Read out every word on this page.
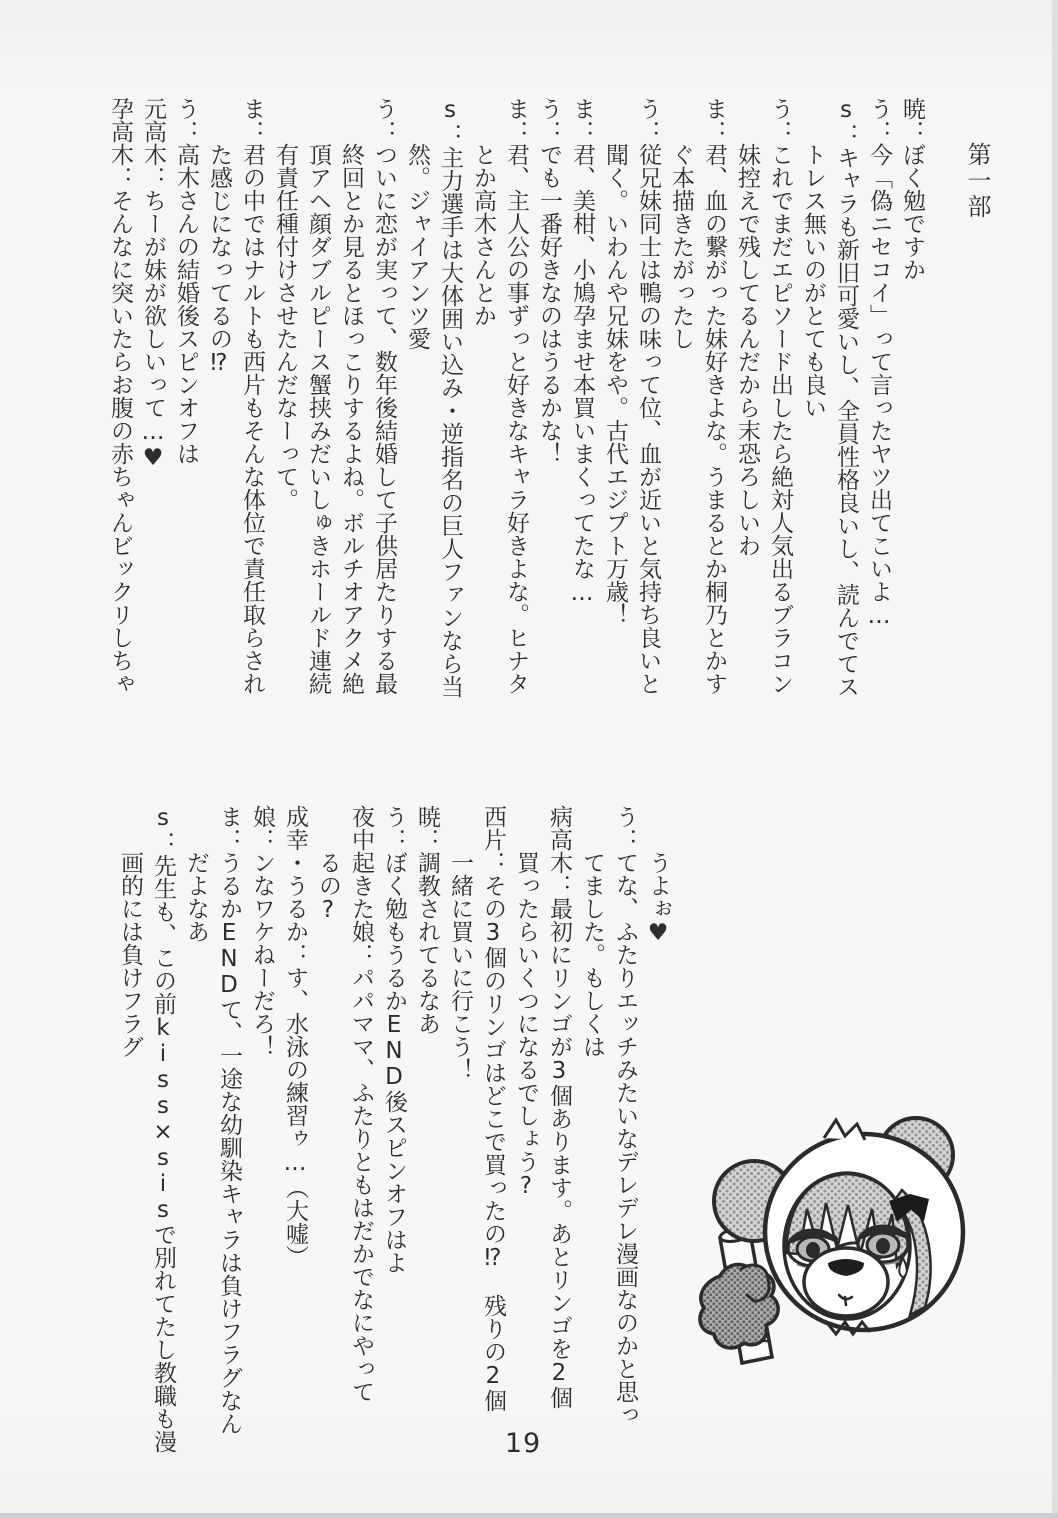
第一部
暁：ぼく勉ですか
う：今「偽ニセコイ」って言ったヤツ出てこいよ…
s：キャラも新旧可愛いし、全員性格良いし、読んでてス
トレス無いのがとても良い
う：これでまだエピソード出したら絶対人気出るブラコン
妹控えで残してるんだから末恐ろしいわ
ま：君、血の繋がった妹好きよな。うまるとか桐乃とかす
ぐ本描きたがったし
う：従兄妹同士は鴨の味って位、血が近いと気持ち良いと
聞く。いわんや兄妹をや。古代エジプト万歳！
ま：君、美柑、小鳩孕ませ本買いまくってたな…
う：でも一番好きなのはうるかな！
ま：君、主人公の事ずっと好きなキャラ好きよな。ヒナタ
とか高木さんとか
s：主力選手は大体囲い込み・逆指名の巨人ファンなら当
然。ジャイアンツ愛
う：ついに恋が実って、数年後結婚して子供居たりする最
終回とか見るとほっこりするよね。ボルチオアクメ絶
頂アヘ顔ダブルピース蟹挟みだいしゅきホールド連続
有責任種付けさせたんだなーって。
ま：君の中ではナルトも西片もそんな体位で責任取らされ
た感じになってるの⁉
う：高木さんの結婚後スピンオフは
元高木：ちーが妹が欲しいって…♥
孕高木：そんなに突いたらお腹の赤ちゃんビックリしちゃ
うよぉ♥
う：てな、ふたりエッチみたいなデレデレ漫画なのかと思っ
てました。もしくは
病高木：最初にリンゴが3個あります。あとリンゴを2個
買ったらいくつになるでしょう?
西片：その3個のリンゴはどこで買ったの⁉　残りの2個
一緒に買いに行こう！
暁：調教されてるなあ
う：ぼく勉もうるかEND後スピンオフはよ
夜中起きた娘：パパママ、ふたりともはだかでなにやって
るの?
成幸・うるか：す、水泳の練習ゥ…（大嘘）
娘：ンなワケねーだろ！
ま：うるかENDて、一途な幼馴染キャラは負けフラグなん
だよなあ
s：先生も、この前kiss×sisで別れてたし教職も漫
画的には負けフラグ
19
